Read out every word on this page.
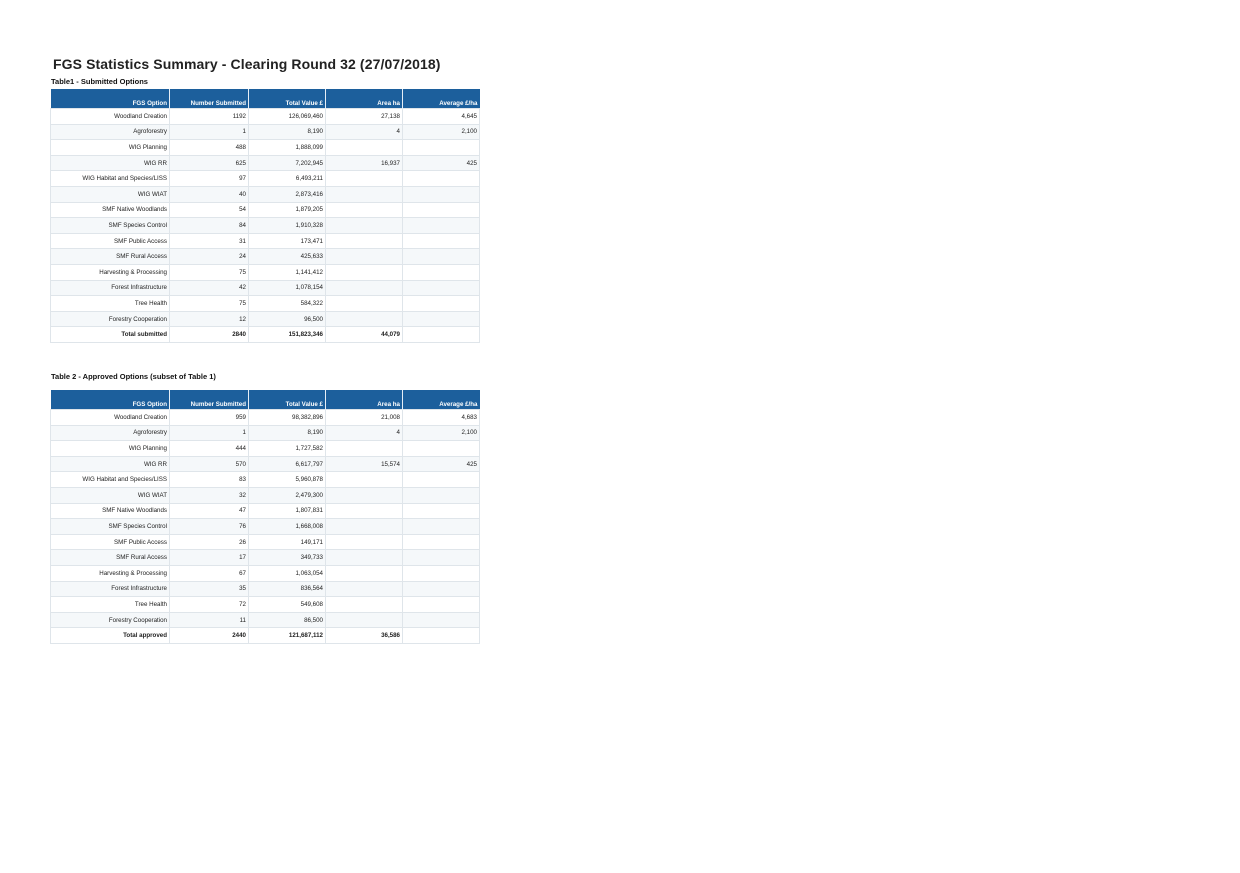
FGS Statistics Summary - Clearing Round 32 (27/07/2018)
Table1 - Submitted Options
FGS Option	Number Submitted	Total Value £	Area ha	Average £/ha
Woodland Creation	1192	126,069,460	27,138	4,645
Agroforestry	1	8,190	4	2,100
WIG Planning	488	1,888,099		
WIG RR	625	7,202,945	16,937	425
WIG Habitat and Species/LISS	97	6,493,211		
WIG WIAT	40	2,873,416		
SMF Native Woodlands	54	1,879,205		
SMF Species Control	84	1,910,328		
SMF Public Access	31	173,471		
SMF Rural Access	24	425,633		
Harvesting & Processing	75	1,141,412		
Forest Infrastructure	42	1,078,154		
Tree Health	75	584,322		
Forestry Cooperation	12	96,500		
Total submitted	2840	151,823,346	44,079	
Table 2 - Approved Options (subset of Table 1)
FGS Option	Number Submitted	Total Value £	Area ha	Average £/ha
Woodland Creation	959	98,382,896	21,008	4,683
Agroforestry	1	8,190	4	2,100
WIG Planning	444	1,727,582		
WIG RR	570	6,617,797	15,574	425
WIG Habitat and Species/LISS	83	5,960,878		
WIG WIAT	32	2,479,300		
SMF Native Woodlands	47	1,807,831		
SMF Species Control	76	1,668,008		
SMF Public Access	26	149,171		
SMF Rural Access	17	349,733		
Harvesting & Processing	67	1,063,054		
Forest Infrastructure	35	836,564		
Tree Health	72	549,608		
Forestry Cooperation	11	86,500		
Total approved	2440	121,687,112	36,586	
